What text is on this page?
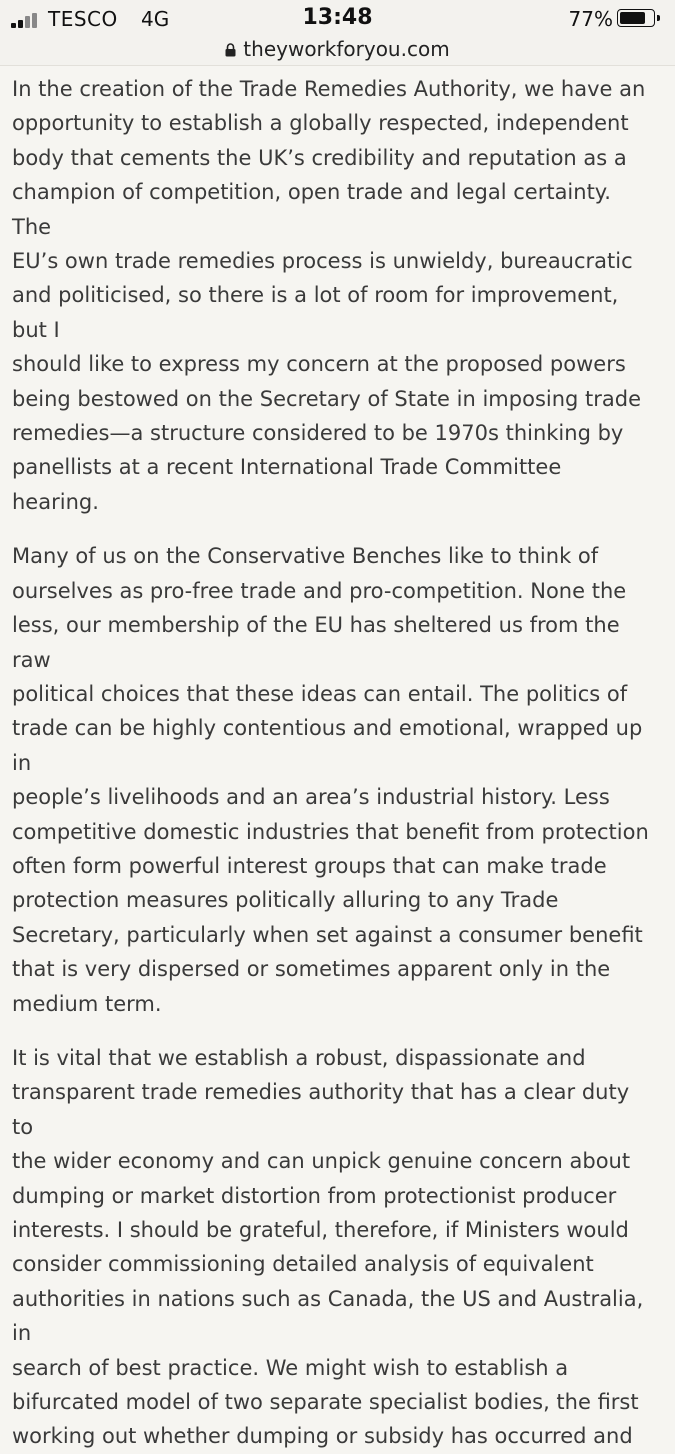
TESCO 4G	13:48	77%
theyworkforyou.com

In the creation of the Trade Remedies Authority, we have an
opportunity to establish a globally respected, independent
body that cements the UK’s credibility and reputation as a
champion of competition, open trade and legal certainty. The
EU’s own trade remedies process is unwieldy, bureaucratic
and politicised, so there is a lot of room for improvement, but I
should like to express my concern at the proposed powers
being bestowed on the Secretary of State in imposing trade
remedies—a structure considered to be 1970s thinking by
panellists at a recent International Trade Committee hearing.

Many of us on the Conservative Benches like to think of
ourselves as pro-free trade and pro-competition. None the
less, our membership of the EU has sheltered us from the raw
political choices that these ideas can entail. The politics of
trade can be highly contentious and emotional, wrapped up in
people’s livelihoods and an area’s industrial history. Less
competitive domestic industries that benefit from protection
often form powerful interest groups that can make trade
protection measures politically alluring to any Trade
Secretary, particularly when set against a consumer benefit
that is very dispersed or sometimes apparent only in the
medium term.

It is vital that we establish a robust, dispassionate and
transparent trade remedies authority that has a clear duty to
the wider economy and can unpick genuine concern about
dumping or market distortion from protectionist producer
interests. I should be grateful, therefore, if Ministers would
consider commissioning detailed analysis of equivalent
authorities in nations such as Canada, the US and Australia, in
search of best practice. We might wish to establish a
bifurcated model of two separate specialist bodies, the first
working out whether dumping or subsidy has occurred and
